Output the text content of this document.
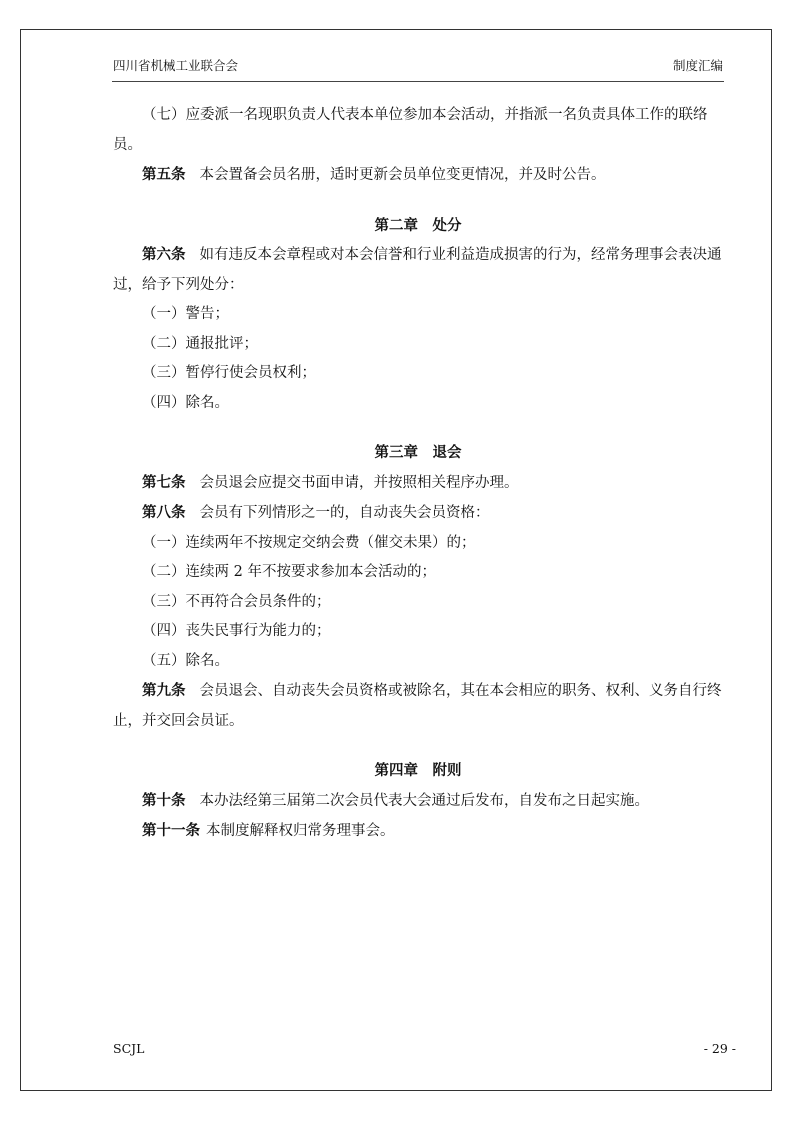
四川省机械工业联合会	制度汇编

（七）应委派一名现职负责人代表本单位参加本会活动，并指派一名负责具体工作的联络员。

第五条 本会置备会员名册，适时更新会员单位变更情况，并及时公告。

第二章　处分

第六条 如有违反本会章程或对本会信誉和行业利益造成损害的行为，经常务理事会表决通过，给予下列处分：

（一）警告；

（二）通报批评；

（三）暂停行使会员权利；

（四）除名。

第三章　退会

第七条 会员退会应提交书面申请，并按照相关程序办理。

第八条 会员有下列情形之一的，自动丧失会员资格：

（一）连续两年不按规定交纳会费（催交未果）的；

（二）连续两 2 年不按要求参加本会活动的；

（三）不再符合会员条件的；

（四）丧失民事行为能力的；

（五）除名。

第九条 会员退会、自动丧失会员资格或被除名，其在本会相应的职务、权利、义务自行终止，并交回会员证。

第四章　附则

第十条 本办法经第三届第二次会员代表大会通过后发布，自发布之日起实施。

第十一条 本制度解释权归常务理事会。

SCJL	- 29 -
